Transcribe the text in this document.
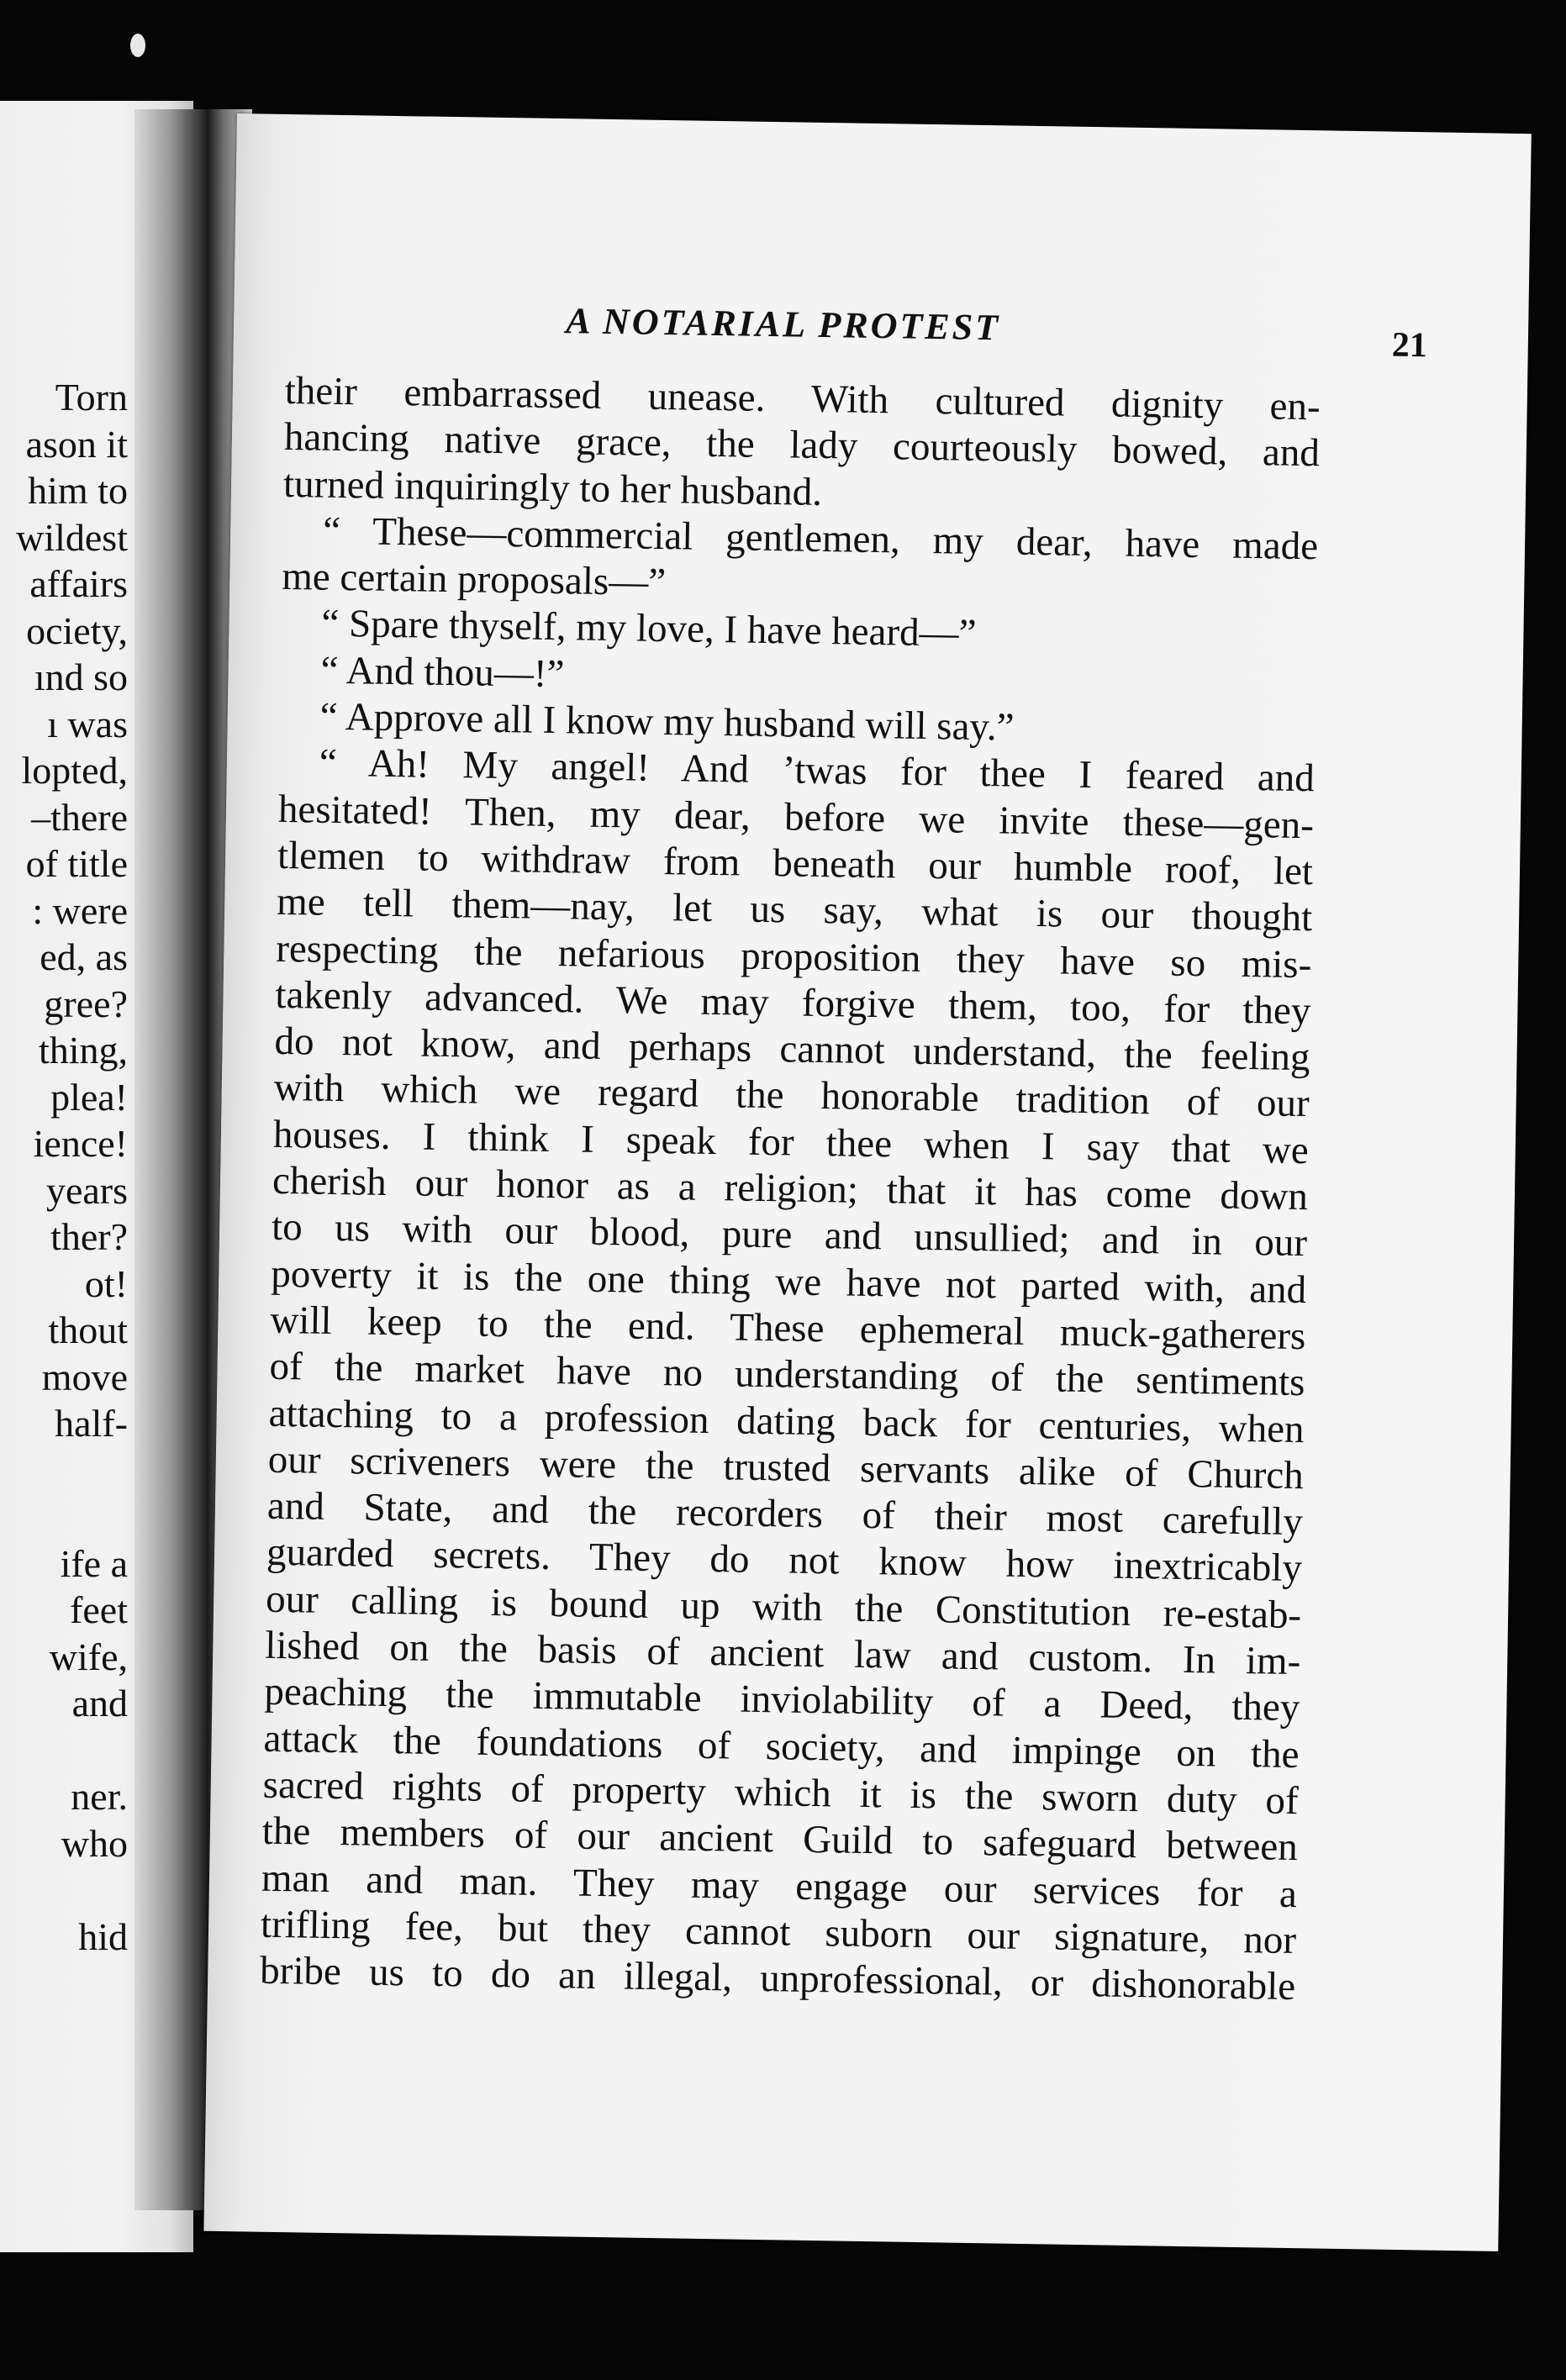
Torn
ason it
him to
wildest
affairs
ociety,
ınd so
ı was
lopted,
–there
of title
: were
ed, as
gree?
thing,
plea!
ience!
years
ther?
ot!
thout
move
half-
ife a
feet
wife,
and
ner.
who
hid
A NOTARIAL PROTEST	21
their embarrassed unease. With cultured dignity en-
hancing native grace, the lady courteously bowed, and
turned inquiringly to her husband.
“ These—commercial gentlemen, my dear, have made
me certain proposals—”
“ Spare thyself, my love, I have heard—”
“ And thou—!”
“ Approve all I know my husband will say.”
“ Ah! My angel! And ’twas for thee I feared and
hesitated! Then, my dear, before we invite these—gen-
tlemen to withdraw from beneath our humble roof, let
me tell them—nay, let us say, what is our thought
respecting the nefarious proposition they have so mis-
takenly advanced. We may forgive them, too, for they
do not know, and perhaps cannot understand, the feeling
with which we regard the honorable tradition of our
houses. I think I speak for thee when I say that we
cherish our honor as a religion; that it has come down
to us with our blood, pure and unsullied; and in our
poverty it is the one thing we have not parted with, and
will keep to the end. These ephemeral muck-gatherers
of the market have no understanding of the sentiments
attaching to a profession dating back for centuries, when
our scriveners were the trusted servants alike of Church
and State, and the recorders of their most carefully
guarded secrets. They do not know how inextricably
our calling is bound up with the Constitution re-estab-
lished on the basis of ancient law and custom. In im-
peaching the immutable inviolability of a Deed, they
attack the foundations of society, and impinge on the
sacred rights of property which it is the sworn duty of
the members of our ancient Guild to safeguard between
man and man. They may engage our services for a
trifling fee, but they cannot suborn our signature, nor
bribe us to do an illegal, unprofessional, or dishonorable
